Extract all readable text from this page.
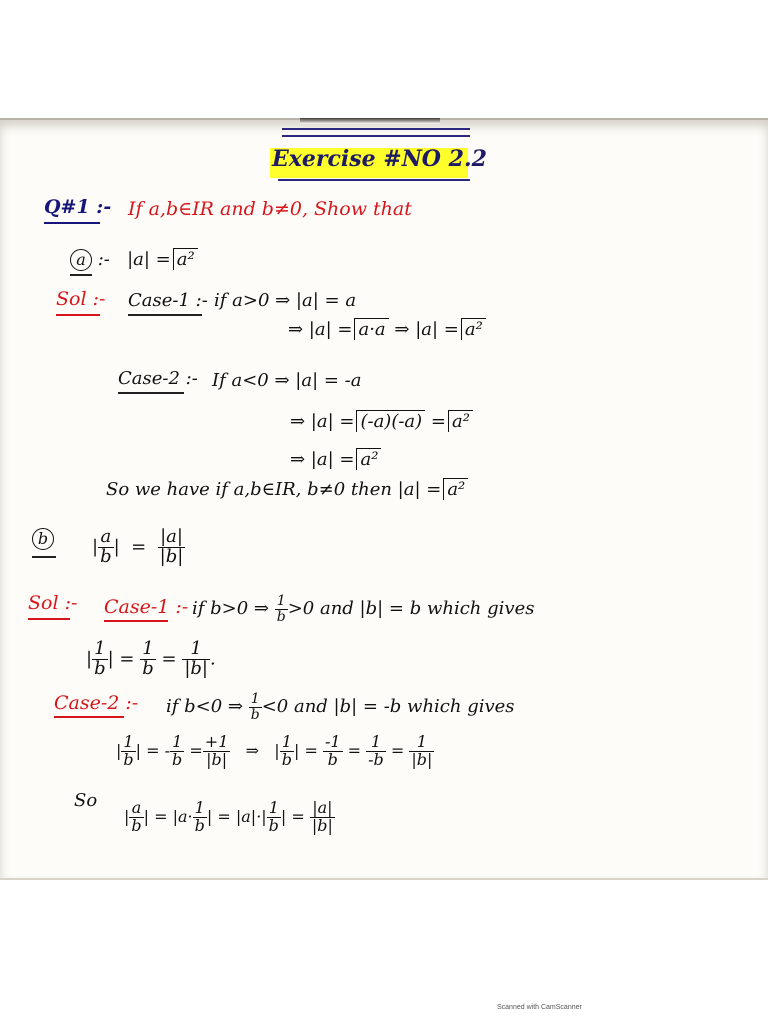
Exercise #NO 2.2
Q#1 :- If a,b∈IR and b≠0, Show that
a :- |a| = a²
Sol :- Case-1 :- if a>0 ⇒ |a| = a
⇒ |a| = a·a ⇒ |a| = a²
Case-2 :- If a<0 ⇒ |a| = -a
⇒ |a| = (-a)(-a) = a²
⇒ |a| = a²
So we have if a,b∈IR, b≠0 then |a| = a²
b	| $\frac{a}{b}$ |  = $\frac{|a|}{|b|}$
Sol :- Case-1 :- if b>0 ⇒ $\frac{1}{b} >0$ and |b| = b which gives
| $\frac{1}{b}$ | = $\frac{1}{b} = \frac{1}{|b|}$ .
Case-2 :- if b<0 ⇒ $\frac{1}{b} <0$ and |b| = -b which gives
| $\frac{1}{b}$ | = - $\frac{1}{b} = \frac{+1}{|b|}$ ⇒   | $\frac{1}{b}$ | = $\frac{-1}{b} = \frac{1}{-b} = \frac{1}{|b|}$
So
| $\frac{a}{b}$ | = $|a\cdot \frac{1}{b}$ | = $|a|\cdot| \frac{1}{b}$ | = $\frac{|a|}{|b|}$
Scanned with CamScanner
